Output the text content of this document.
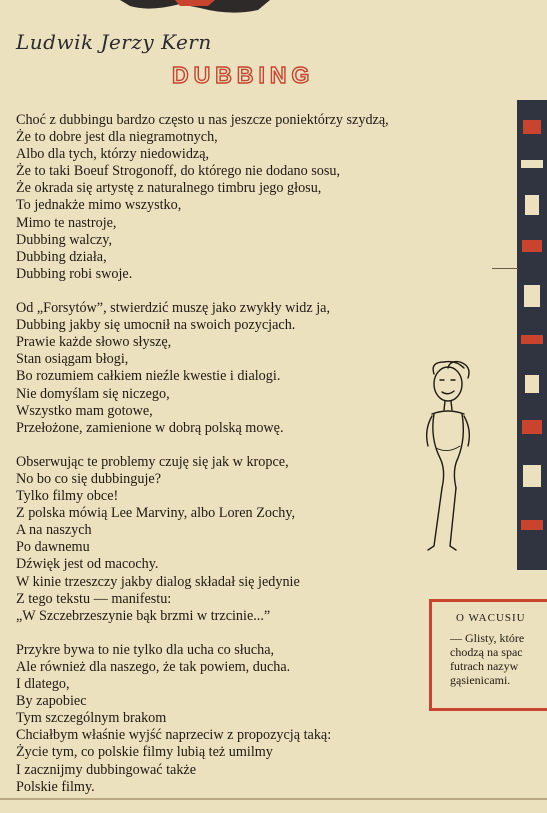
Ludwik Jerzy Kern
DUBBING
Choć z dubbingu bardzo często u nas jeszcze poniektórzy szydzą,
Że to dobre jest dla niegramotnych,
Albo dla tych, którzy niedowidzą,
Że to taki Boeuf Strogonoff, do którego nie dodano sosu,
Że okrada się artystę z naturalnego timbru jego głosu,
To jednakże mimo wszystko,
Mimo te nastroje,
Dubbing walczy,
Dubbing działa,
Dubbing robi swoje.
Od „Forsytów”, stwierdzić muszę jako zwykły widz ja,
Dubbing jakby się umocnił na swoich pozycjach.
Prawie każde słowo słyszę,
Stan osiągam błogi,
Bo rozumiem całkiem nieźle kwestie i dialogi.
Nie domyślam się niczego,
Wszystko mam gotowe,
Przełożone, zamienione w dobrą polską mowę.
Obserwując te problemy czuję się jak w kropce,
No bo co się dubbinguje?
Tylko filmy obce!
Z polska mówią Lee Marviny, albo Loren Zochy,
A na naszych
Po dawnemu
Dźwięk jest od macochy.
W kinie trzeszczy jakby dialog składał się jedynie
Z tego tekstu — manifestu:
„W Szczebrzeszynie bąk brzmi w trzcinie...”
Przykre bywa to nie tylko dla ucha co słucha,
Ale również dla naszego, że tak powiem, ducha.
I dlatego,
By zapobiec
Tym szczególnym brakom
Chciałbym właśnie wyjść naprzeciw z propozycją taką:
Życie tym, co polskie filmy lubią też umilmy
I zacznijmy dubbingować także
Polskie filmy.
O WACUSIU
— Glisty, które
chodzą na spac
futrach nazyw
gąsienicami.
